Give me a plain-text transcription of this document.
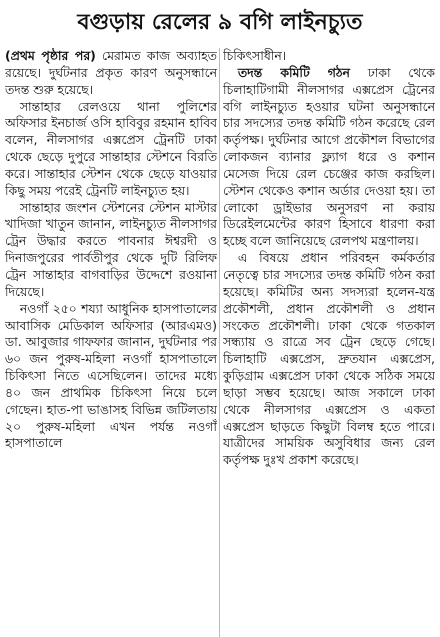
বগুড়ায় রেলের ৯ বগি লাইনচ্যুত

(প্রথম পৃষ্ঠার পর) মেরামত কাজ অব্যাহত রয়েছে। দুর্ঘটনার প্রকৃত কারণ অনুসন্ধানে তদন্ত শুরু হয়েছে।

সান্তাহার রেলওয়ে থানা পুলিশের অফিসার ইনচার্জ ওসি হাবিবুর রহমান হাবিব বলেন, নীলসাগর এক্সপ্রেস ট্রেনটি ঢাকা থেকে ছেড়ে দুপুরে সান্তাহার স্টেশনে বিরতি করে। সান্তাহার স্টেশন থেকে ছেড়ে যাওয়ার কিছু সময় পরেই ট্রেনটি লাইনচ্যুত হয়।

সান্তাহার জংশন স্টেশনের স্টেশন মাস্টার খাদিজা খাতুন জানান, লাইনচ্যুত নীলসাগর ট্রেন উদ্ধার করতে পাবনার ঈশ্বরদী ও দিনাজপুরের পার্বতীপুর থেকে দুটি রিলিফ ট্রেন সান্তাহার বাগবাড়ির উদ্দেশে রওয়ানা দিয়েছে।

নওগাঁ ২৫০ শয্যা আধুনিক হাসপাতালের আবাসিক মেডিকাল অফিসার (আরএমও) ডা. আবুজার গাফফার জানান, দুর্ঘটনার পর ৬০ জন পুরুষ-মহিলা নওগাঁ হাসপাতালে চিকিৎসা নিতে এসেছিলেন। তাদের মধ্যে ৪০ জন প্রাথমিক চিকিৎসা নিয়ে চলে গেছেন। হাত-পা ভাঙাসহ বিভিন্ন জটিলতায় ২০ পুরুষ-মহিলা এখন পর্যন্ত নওগাঁ হাসপাতালে

চিকিৎসাধীন।

তদন্ত কমিটি গঠন ঢাকা থেকে চিলাহাটিগামী নীলসাগর এক্সপ্রেস ট্রেনের বগি লাইনচ্যুত হওয়ার ঘটনা অনুসন্ধানে চার সদস্যের তদন্ত কমিটি গঠন করেছে রেল কর্তৃপক্ষ। দুর্ঘটনার আগে প্রকৌশল বিভাগের লোকজন ব্যানার ফ্ল্যাগ ধরে ও কশান মেসেজ দিয়ে রেল চেঞ্জের কাজ করছিল। স্টেশন থেকেও কশান অর্ডার দেওয়া হয়। তা লোকো ড্রাইভার অনুসরণ না করায় ডিরেইলমেন্টের কারণ হিসাবে ধারণা করা হচ্ছে বলে জানিয়েছে রেলপথ মন্ত্রণালয়।

এ বিষয়ে প্রধান পরিবহন কর্মকর্তার নেতৃত্বে চার সদস্যের তদন্ত কমিটি গঠন করা হয়েছে। কমিটির অন্য সদস্যরা হলেন-যন্ত্র প্রকৌশলী, প্রধান প্রকৌশলী ও প্রধান সংকেত প্রকৌশলী। ঢাকা থেকে গতকাল সন্ধ্যায় ও রাত্রে সব ট্রেন ছেড়ে গেছে। চিলাহাটি এক্সপ্রেস, দ্রুতযান এক্সপ্রেস, কুড়িগ্রাম এক্সপ্রেস ঢাকা থেকে সঠিক সময়ে ছাড়া সম্ভব হয়েছে। আজ সকালে ঢাকা থেকে নীলসাগর এক্সপ্রেস ও একতা এক্সপ্রেস ছাড়তে কিছুটা বিলম্ব হতে পারে। যাত্রীদের সাময়িক অসুবিধার জন্য রেল কর্তৃপক্ষ দুঃখ প্রকাশ করেছে।
